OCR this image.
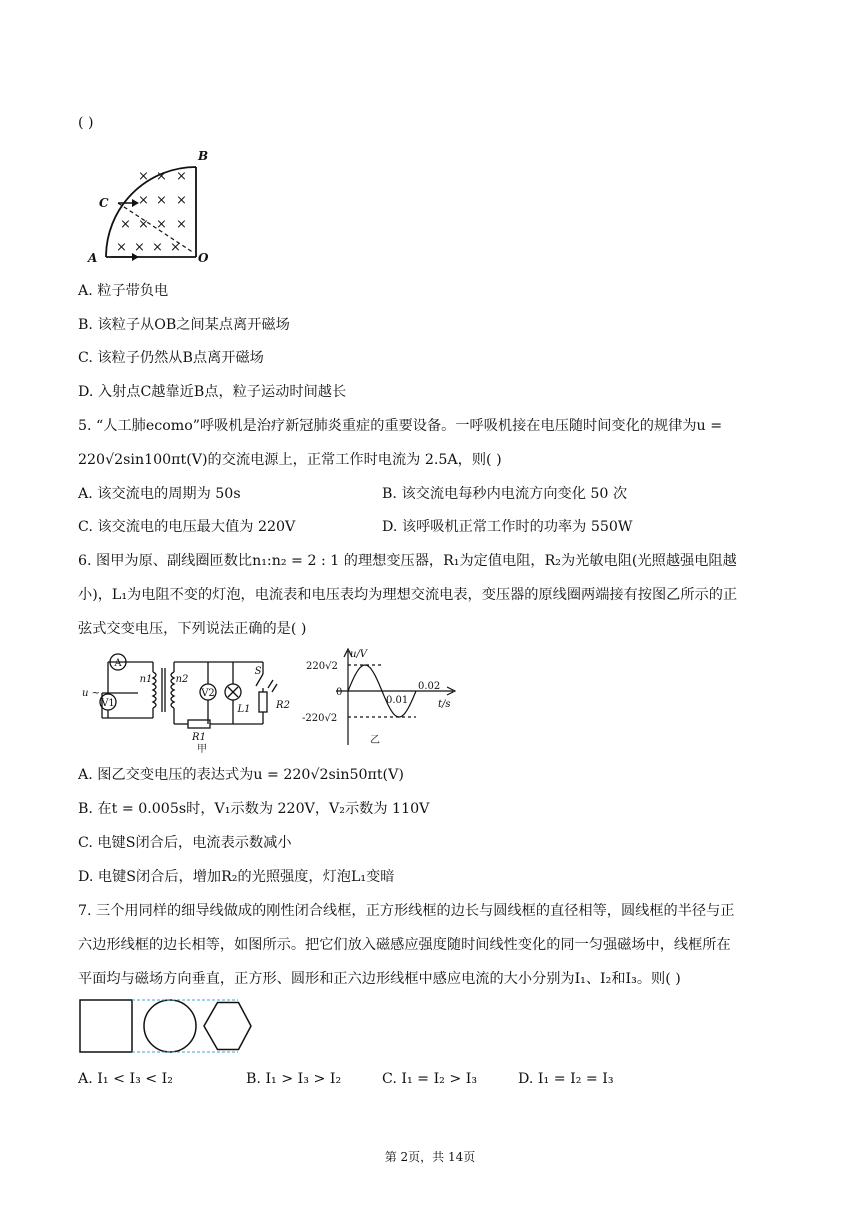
( )
× × ×
× × ×
× × × ×
× × × ×
B
C
A	O
A. 粒子带负电
B. 该粒子从OB之间某点离开磁场
C. 该粒子仍然从B点离开磁场
D. 入射点C越靠近B点，粒子运动时间越长
5. “人工肺ecomo”呼吸机是治疗新冠肺炎重症的重要设备。一呼吸机接在电压随时间变化的规律为u =
220√2sin100πt(V)的交流电源上，正常工作时电流为 2.5A，则( )
A. 该交流电的周期为 50s	B. 该交流电每秒内电流方向变化 50 次
C. 该交流电的电压最大值为 220V	D. 该呼吸机正常工作时的功率为 550W
6. 图甲为原、副线圈匝数比n₁:n₂ = 2 : 1 的理想变压器，R₁为定值电阻，R₂为光敏电阻(光照越强电阻越
小)，L₁为电阻不变的灯泡，电流表和电压表均为理想交流电表，变压器的原线圈两端接有按图乙所示的正
弦式交变电压，下列说法正确的是( )
A
V1
V2
n1 n2
u ~
R1
R2
S
L1
甲
u/V
220√2
0
0.01
0.02
-220√2
t/s
乙
A. 图乙交变电压的表达式为u = 220√2sin50πt(V)
B. 在t = 0.005s时，V₁示数为 220V，V₂示数为 110V
C. 电键S闭合后，电流表示数减小
D. 电键S闭合后，增加R₂的光照强度，灯泡L₁变暗
7. 三个用同样的细导线做成的刚性闭合线框，正方形线框的边长与圆线框的直径相等，圆线框的半径与正
六边形线框的边长相等，如图所示。把它们放入磁感应强度随时间线性变化的同一匀强磁场中，线框所在
平面均与磁场方向垂直，正方形、圆形和正六边形线框中感应电流的大小分别为I₁、I₂和I₃。则( )
A. I₁ < I₃ < I₂	B. I₁ > I₃ > I₂	C. I₁ = I₂ > I₃	D. I₁ = I₂ = I₃
第 2页，共 14页
